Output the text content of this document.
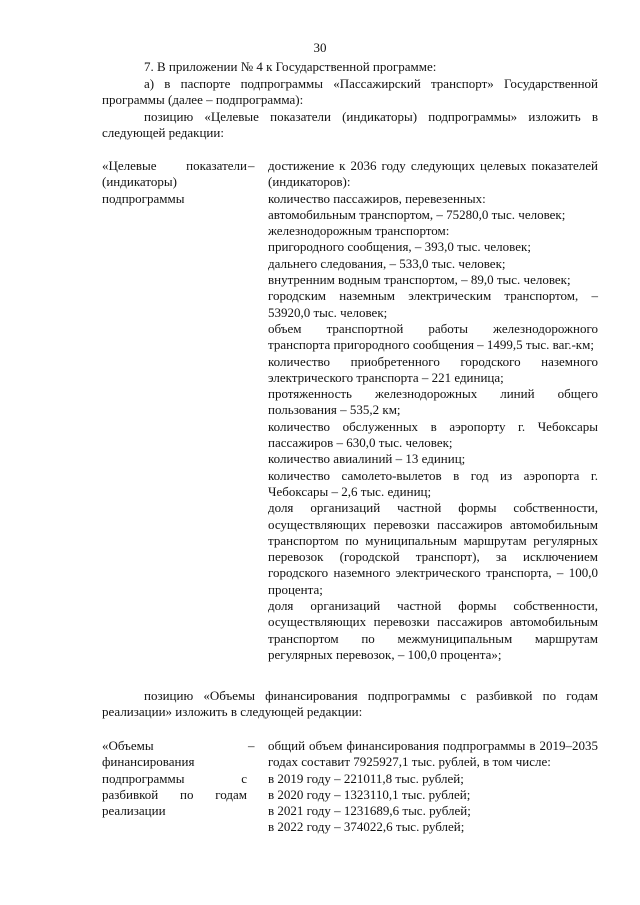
30
7. В приложении № 4 к Государственной программе:
а) в паспорте подпрограммы «Пассажирский транспорт» Государственной программы (далее – подпрограмма):
позицию «Целевые показатели (индикаторы) подпрограммы» изложить в следующей редакции:
«Целевые показатели (индикаторы) подпрограммы
– достижение к 2036 году следующих целевых показателей (индикаторов):

количество пассажиров, перевезенных:

автомобильным транспортом, – 75280,0 тыс. человек;

железнодорожным транспортом:

пригородного сообщения, – 393,0 тыс. человек;

дальнего следования, – 533,0 тыс. человек;

внутренним водным транспортом, – 89,0 тыс. человек;

городским наземным электрическим транспортом, – 53920,0 тыс. человек;

объем транспортной работы железнодорожного транспорта пригородного сообщения – 1499,5 тыс. ваг.-км;

количество приобретенного городского наземного электрического транспорта – 221 единица;

протяженность железнодорожных линий общего пользования – 535,2 км;

количество обслуженных в аэропорту г. Чебоксары пассажиров – 630,0 тыс. человек;

количество авиалиний – 13 единиц;

количество самолето-вылетов в год из аэропорта г. Чебоксары – 2,6 тыс. единиц;

доля организаций частной формы собственности, осуществляющих перевозки пассажиров автомобильным транспортом по муниципальным маршрутам регулярных перевозок (городской транспорт), за исключением городского наземного электрического транспорта, – 100,0 процента;

доля организаций частной формы собственности, осуществляющих перевозки пассажиров автомобильным транспортом по межмуниципальным маршрутам регулярных перевозок, – 100,0 процента»;

позицию «Объемы финансирования подпрограммы с разбивкой по годам реализации» изложить в следующей редакции:
«Объемы финансирования подпрограммы с разбивкой по годам реализации
– общий объем финансирования подпрограммы в 2019–2035 годах составит 7925927,1 тыс. рублей, в том числе:

в 2019 году – 221011,8 тыс. рублей;

в 2020 году – 1323110,1 тыс. рублей;

в 2021 году – 1231689,6 тыс. рублей;

в 2022 году – 374022,6 тыс. рублей;
